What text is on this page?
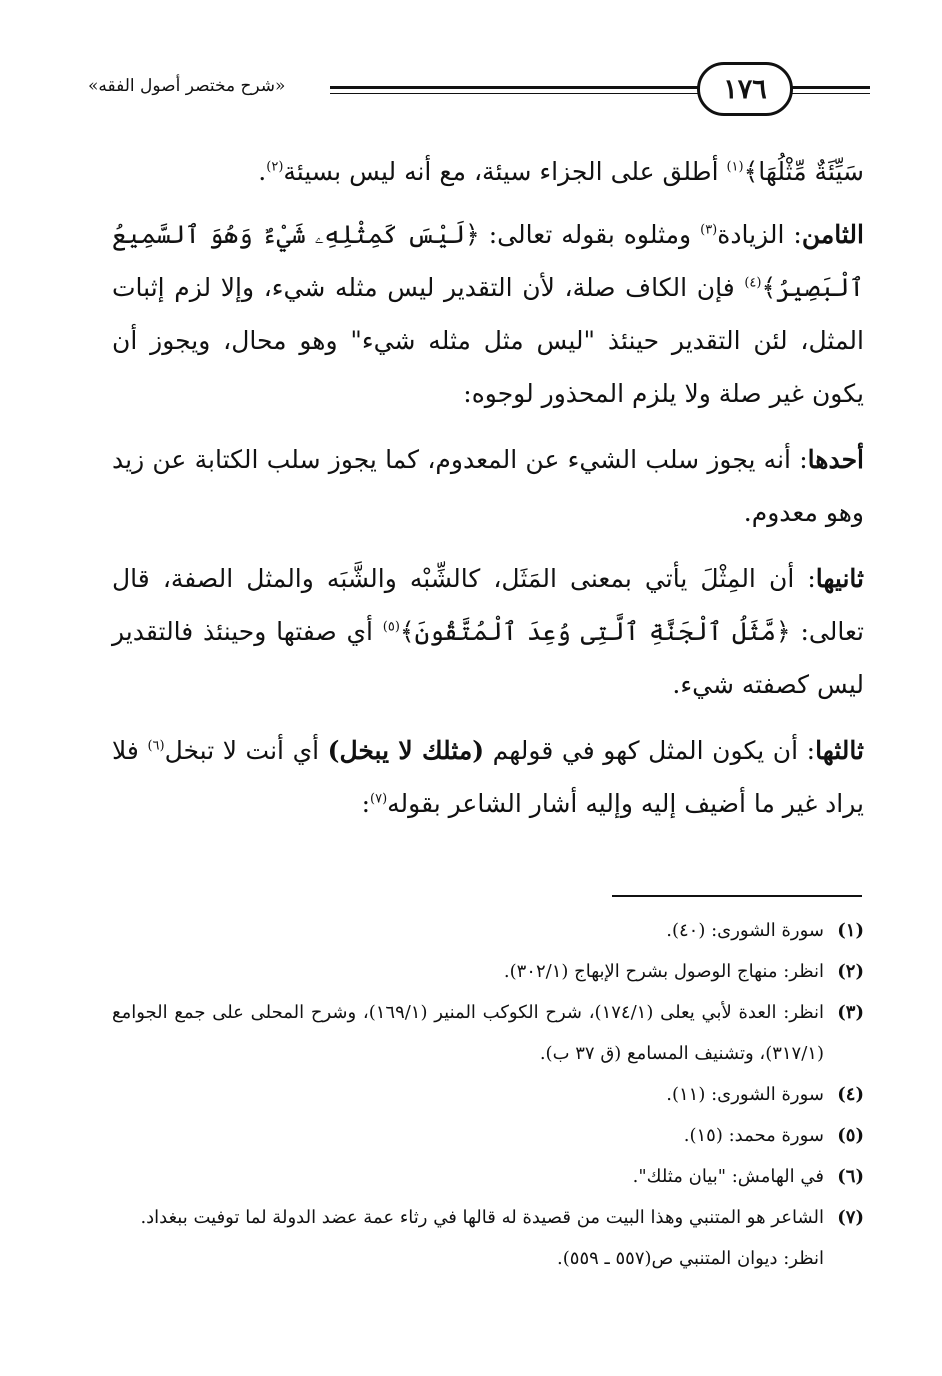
«شرح مختصر أصول الفقه»	١٧٦

سَيِّئَةٌ مِّثْلُهَا﴾$^{(١)}$ أطلق على الجزاء سيئة، مع أنه ليس بسيئة$^{(٢)}$.

الثامن: الزيادة$^{(٣)}$ ومثلوه بقوله تعالى: ﴿لَيْسَ كَمِثْلِهِۦ شَيْءٌ وَهُوَ ٱلسَّمِيعُ ٱلْبَصِيرُ﴾$^{(٤)}$ فإن الكاف صلة، لأن التقدير ليس مثله شيء، وإلا لزم إثبات المثل، لئن التقدير حينئذ "ليس مثل مثله شيء" وهو محال، ويجوز أن يكون غير صلة ولا يلزم المحذور لوجوه:

أحدها: أنه يجوز سلب الشيء عن المعدوم، كما يجوز سلب الكتابة عن زيد وهو معدوم.

ثانيها: أن المِثْلَ يأتي بمعنى المَثَل، كالشِّبْه والشَّبَه والمثل الصفة، قال تعالى: ﴿مَّثَلُ ٱلْجَنَّةِ ٱلَّتِى وُعِدَ ٱلْمُتَّقُونَ﴾$^{(٥)}$ أي صفتها وحينئذ فالتقدير ليس كصفته شيء.

ثالثها: أن يكون المثل كهو في قولهم (مثلك لا يبخل) أي أنت لا تبخل$^{(٦)}$ فلا يراد غير ما أضيف إليه وإليه أشار الشاعر بقوله$^{(٧)}$:

(١)
سورة الشورى: (٤٠).
(٢)
انظر: منهاج الوصول بشرح الإبهاج (٣٠٢/١).
(٣)
انظر: العدة لأبي يعلى (١٧٤/١)، شرح الكوكب المنير (١٦٩/١)، وشرح المحلى على جمع الجوامع (٣١٧/١)، وتشنيف المسامع (ق ٣٧ ب).
(٤)
سورة الشورى: (١١).
(٥)
سورة محمد: (١٥).
(٦)
في الهامش: "بيان مثلك".
(٧)
الشاعر هو المتنبي وهذا البيت من قصيدة له قالها في رثاء عمة عضد الدولة لما توفيت ببغداد.
انظر: ديوان المتنبي ص(٥٥٧ ـ ٥٥٩).
